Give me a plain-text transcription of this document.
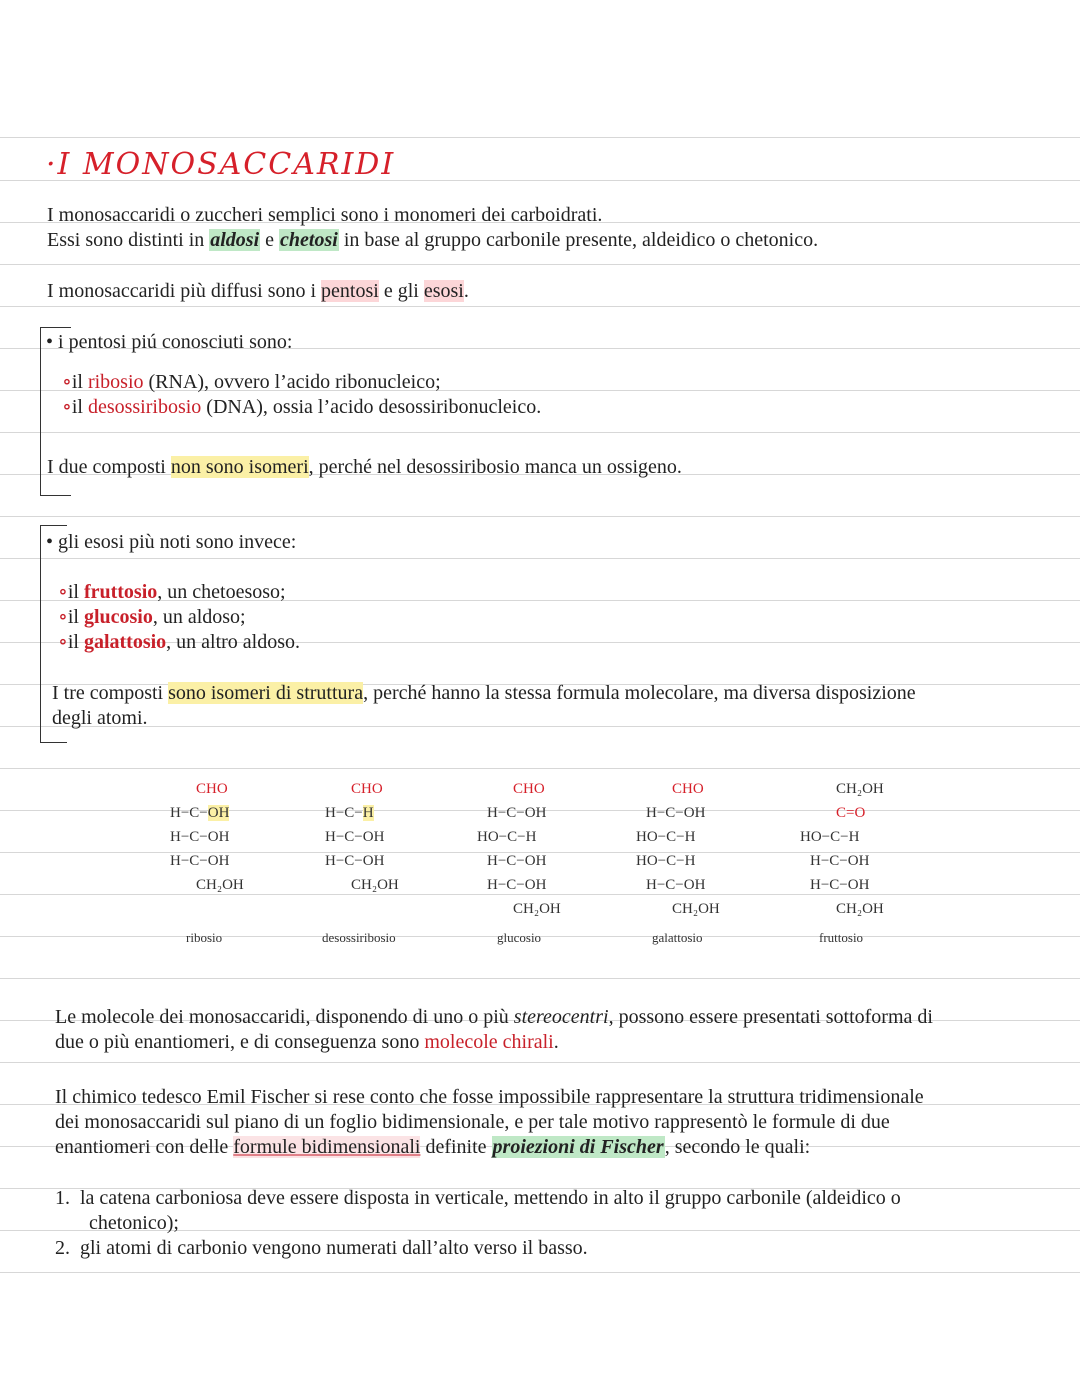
·I MONOSACCARIDI
I monosaccaridi o zuccheri semplici sono i monomeri dei carboidrati.
Essi sono distinti in aldosi e chetosi in base al gruppo carbonile presente, aldeidico o chetonico.
I monosaccaridi più diffusi sono i pentosi e gli esosi.
• i pentosi piú conosciuti sono:
∘il ribosio (RNA), ovvero l’acido ribonucleico;
∘il desossiribosio (DNA), ossia l’acido desossiribonucleico.
I due composti non sono isomeri, perché nel desossiribosio manca un ossigeno.
• gli esosi più noti sono invece:
∘il fruttosio, un chetoesoso;
∘il glucosio, un aldoso;
∘il galattosio, un altro aldoso.
I tre composti sono isomeri di struttura, perché hanno la stessa formula molecolare, ma diversa disposizione
degli atomi.
CHO
H−C−OH
H−C−OH
H−C−OH
CH₂OH
ribosio
CHO
H−C−H
H−C−OH
H−C−OH
CH₂OH
desossiribosio
CHO
H−C−OH
HO−C−H
H−C−OH
H−C−OH
CH₂OH
glucosio
CHO
H−C−OH
HO−C−H
HO−C−H
H−C−OH
CH₂OH
galattosio
CH₂OH
C=O
HO−C−H
H−C−OH
H−C−OH
CH₂OH
fruttosio
Le molecole dei monosaccaridi, disponendo di uno o più stereocentri, possono essere presentati sottoforma di
due o più enantiomeri, e di conseguenza sono molecole chirali.
Il chimico tedesco Emil Fischer si rese conto che fosse impossibile rappresentare la struttura tridimensionale
dei monosaccaridi sul piano di un foglio bidimensionale, e per tale motivo rappresentò le formule di due
enantiomeri con delle formule bidimensionali definite proiezioni di Fischer, secondo le quali:
1. la catena carboniosa deve essere disposta in verticale, mettendo in alto il gruppo carbonile (aldeidico o
chetonico);
2. gli atomi di carbonio vengono numerati dall’alto verso il basso.
